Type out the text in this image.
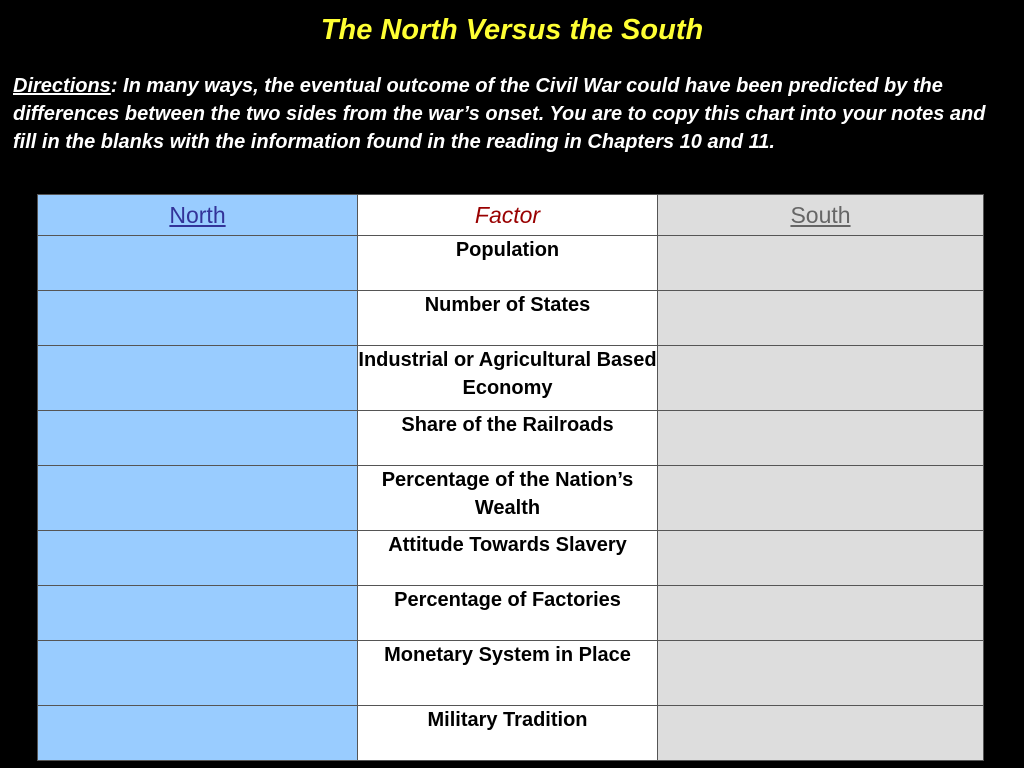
The North Versus the South
Directions: In many ways, the eventual outcome of the Civil War could have been predicted by the differences between the two sides from the war’s onset. You are to copy this chart into your notes and fill in the blanks with the information found in the reading in Chapters 10 and 11.
North	Factor	South
	Population	
	Number of States	
	Industrial or Agricultural Based Economy	
	Share of the Railroads	
	Percentage of the Nation’s Wealth	
	Attitude Towards Slavery	
	Percentage of Factories	
	Monetary System in Place	
	Military Tradition	
